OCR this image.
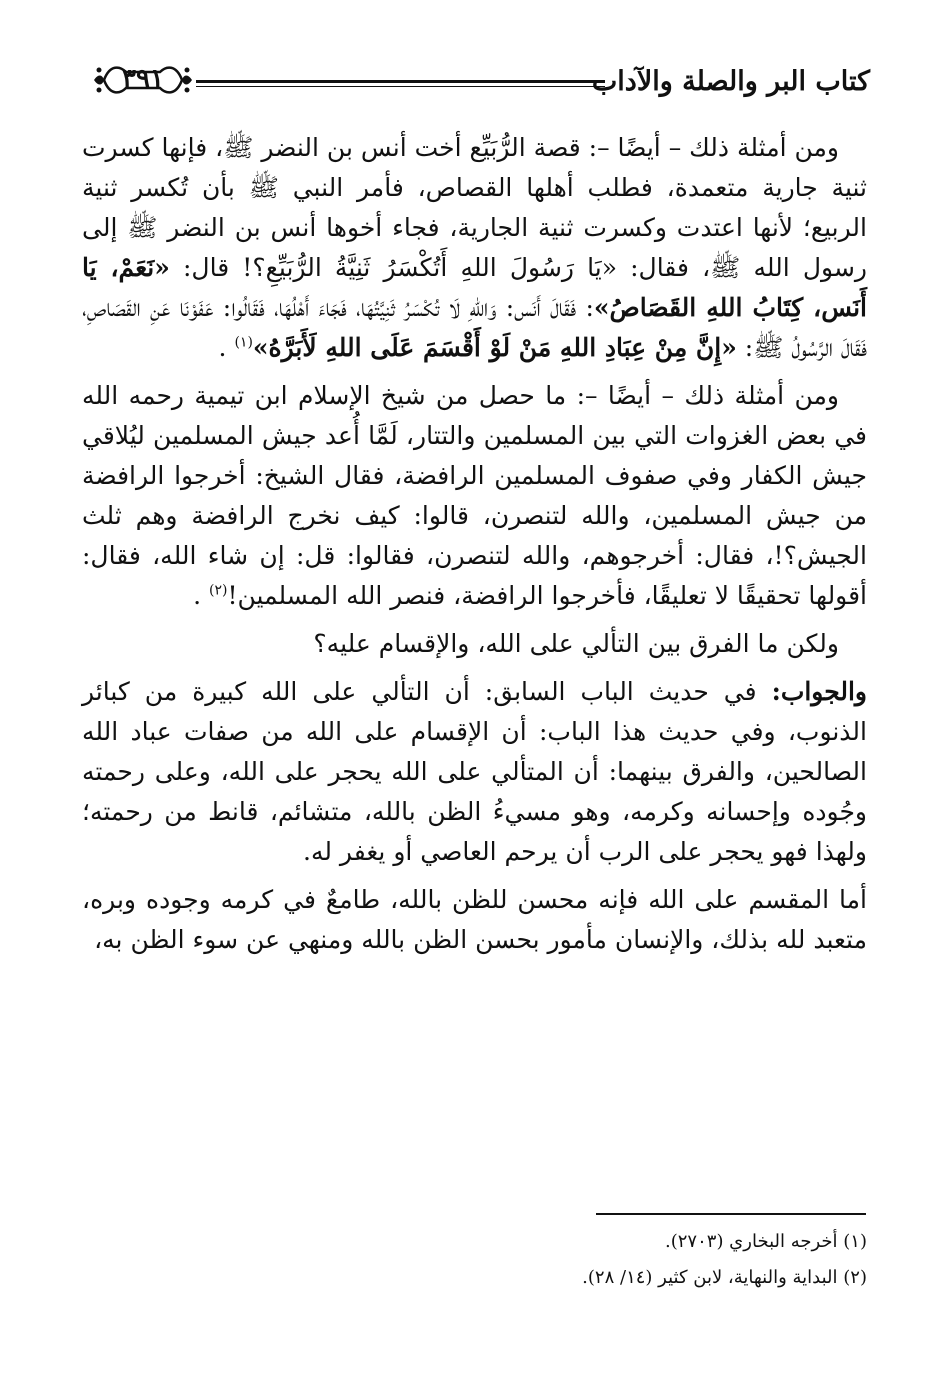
كتاب البر والصلة والآداب
٣٩١

ومن أمثلة ذلك – أيضًا –: قصة الرُّبَيِّع أخت أنس بن النضر ﷺ، فإنها كسرت ثنية جارية متعمدة، فطلب أهلها القصاص، فأمر النبي ﷺ بأن تُكسر ثنية الربيع؛ لأنها اعتدت وكسرت ثنية الجارية، فجاء أخوها أنس بن النضر ﷺ إلى رسول الله ﷺ، فقال: «يَا رَسُولَ اللهِ أَتُكْسَرُ ثَنِيَّةُ الرُّبَيِّعِ؟! قال: «نَعَمْ، يَا أَنَس، كِتَابُ اللهِ القَصَاصُ»: فَقَالَ أَنَس: وَاللهِ لَا تُكْسَرُ ثَنِيَّتُهَا، فَجَاءَ أَهْلُهَا، فَقَالُوا: عَفَوْنَا عَنِ القَصَاصِ، فَقَالَ الرَّسُولُ ﷺ: «إِنَّ مِنْ عِبَادِ اللهِ مَنْ لَوْ أَقْسَمَ عَلَى اللهِ لَأَبَرَّهُ»$^{(١)}$ .

ومن أمثلة ذلك – أيضًا –: ما حصل من شيخ الإسلام ابن تيمية رحمه الله في بعض الغزوات التي بين المسلمين والتتار، لَمَّا أُعد جيش المسلمين ليُلاقي جيش الكفار وفي صفوف المسلمين الرافضة، فقال الشيخ: أخرجوا الرافضة من جيش المسلمين، والله لتنصرن، قالوا: كيف نخرج الرافضة وهم ثلث الجيش؟!، فقال: أخرجوهم، والله لتنصرن، فقالوا: قل: إن شاء الله، فقال: أقولها تحقيقًا لا تعليقًا، فأخرجوا الرافضة، فنصر الله المسلمين!$^{(٢)}$ .

ولكن ما الفرق بين التألي على الله، والإقسام عليه؟

والجواب: في حديث الباب السابق: أن التألي على الله كبيرة من كبائر الذنوب، وفي حديث هذا الباب: أن الإقسام على الله من صفات عباد الله الصالحين، والفرق بينهما: أن المتألي على الله يحجر على الله، وعلى رحمته وجُوده وإحسانه وكرمه، وهو مسيءُ الظن بالله، متشائم، قانط من رحمته؛ ولهذا فهو يحجر على الرب أن يرحم العاصي أو يغفر له.

أما المقسم على الله فإنه محسن للظن بالله، طامعٌ في كرمه وجوده وبره، متعبد لله بذلك، والإنسان مأمور بحسن الظن بالله ومنهي عن سوء الظن به،

(١) أخرجه البخاري (٢٧٠٣).

(٢) البداية والنهاية، لابن كثير (١٤/ ٢٨).
